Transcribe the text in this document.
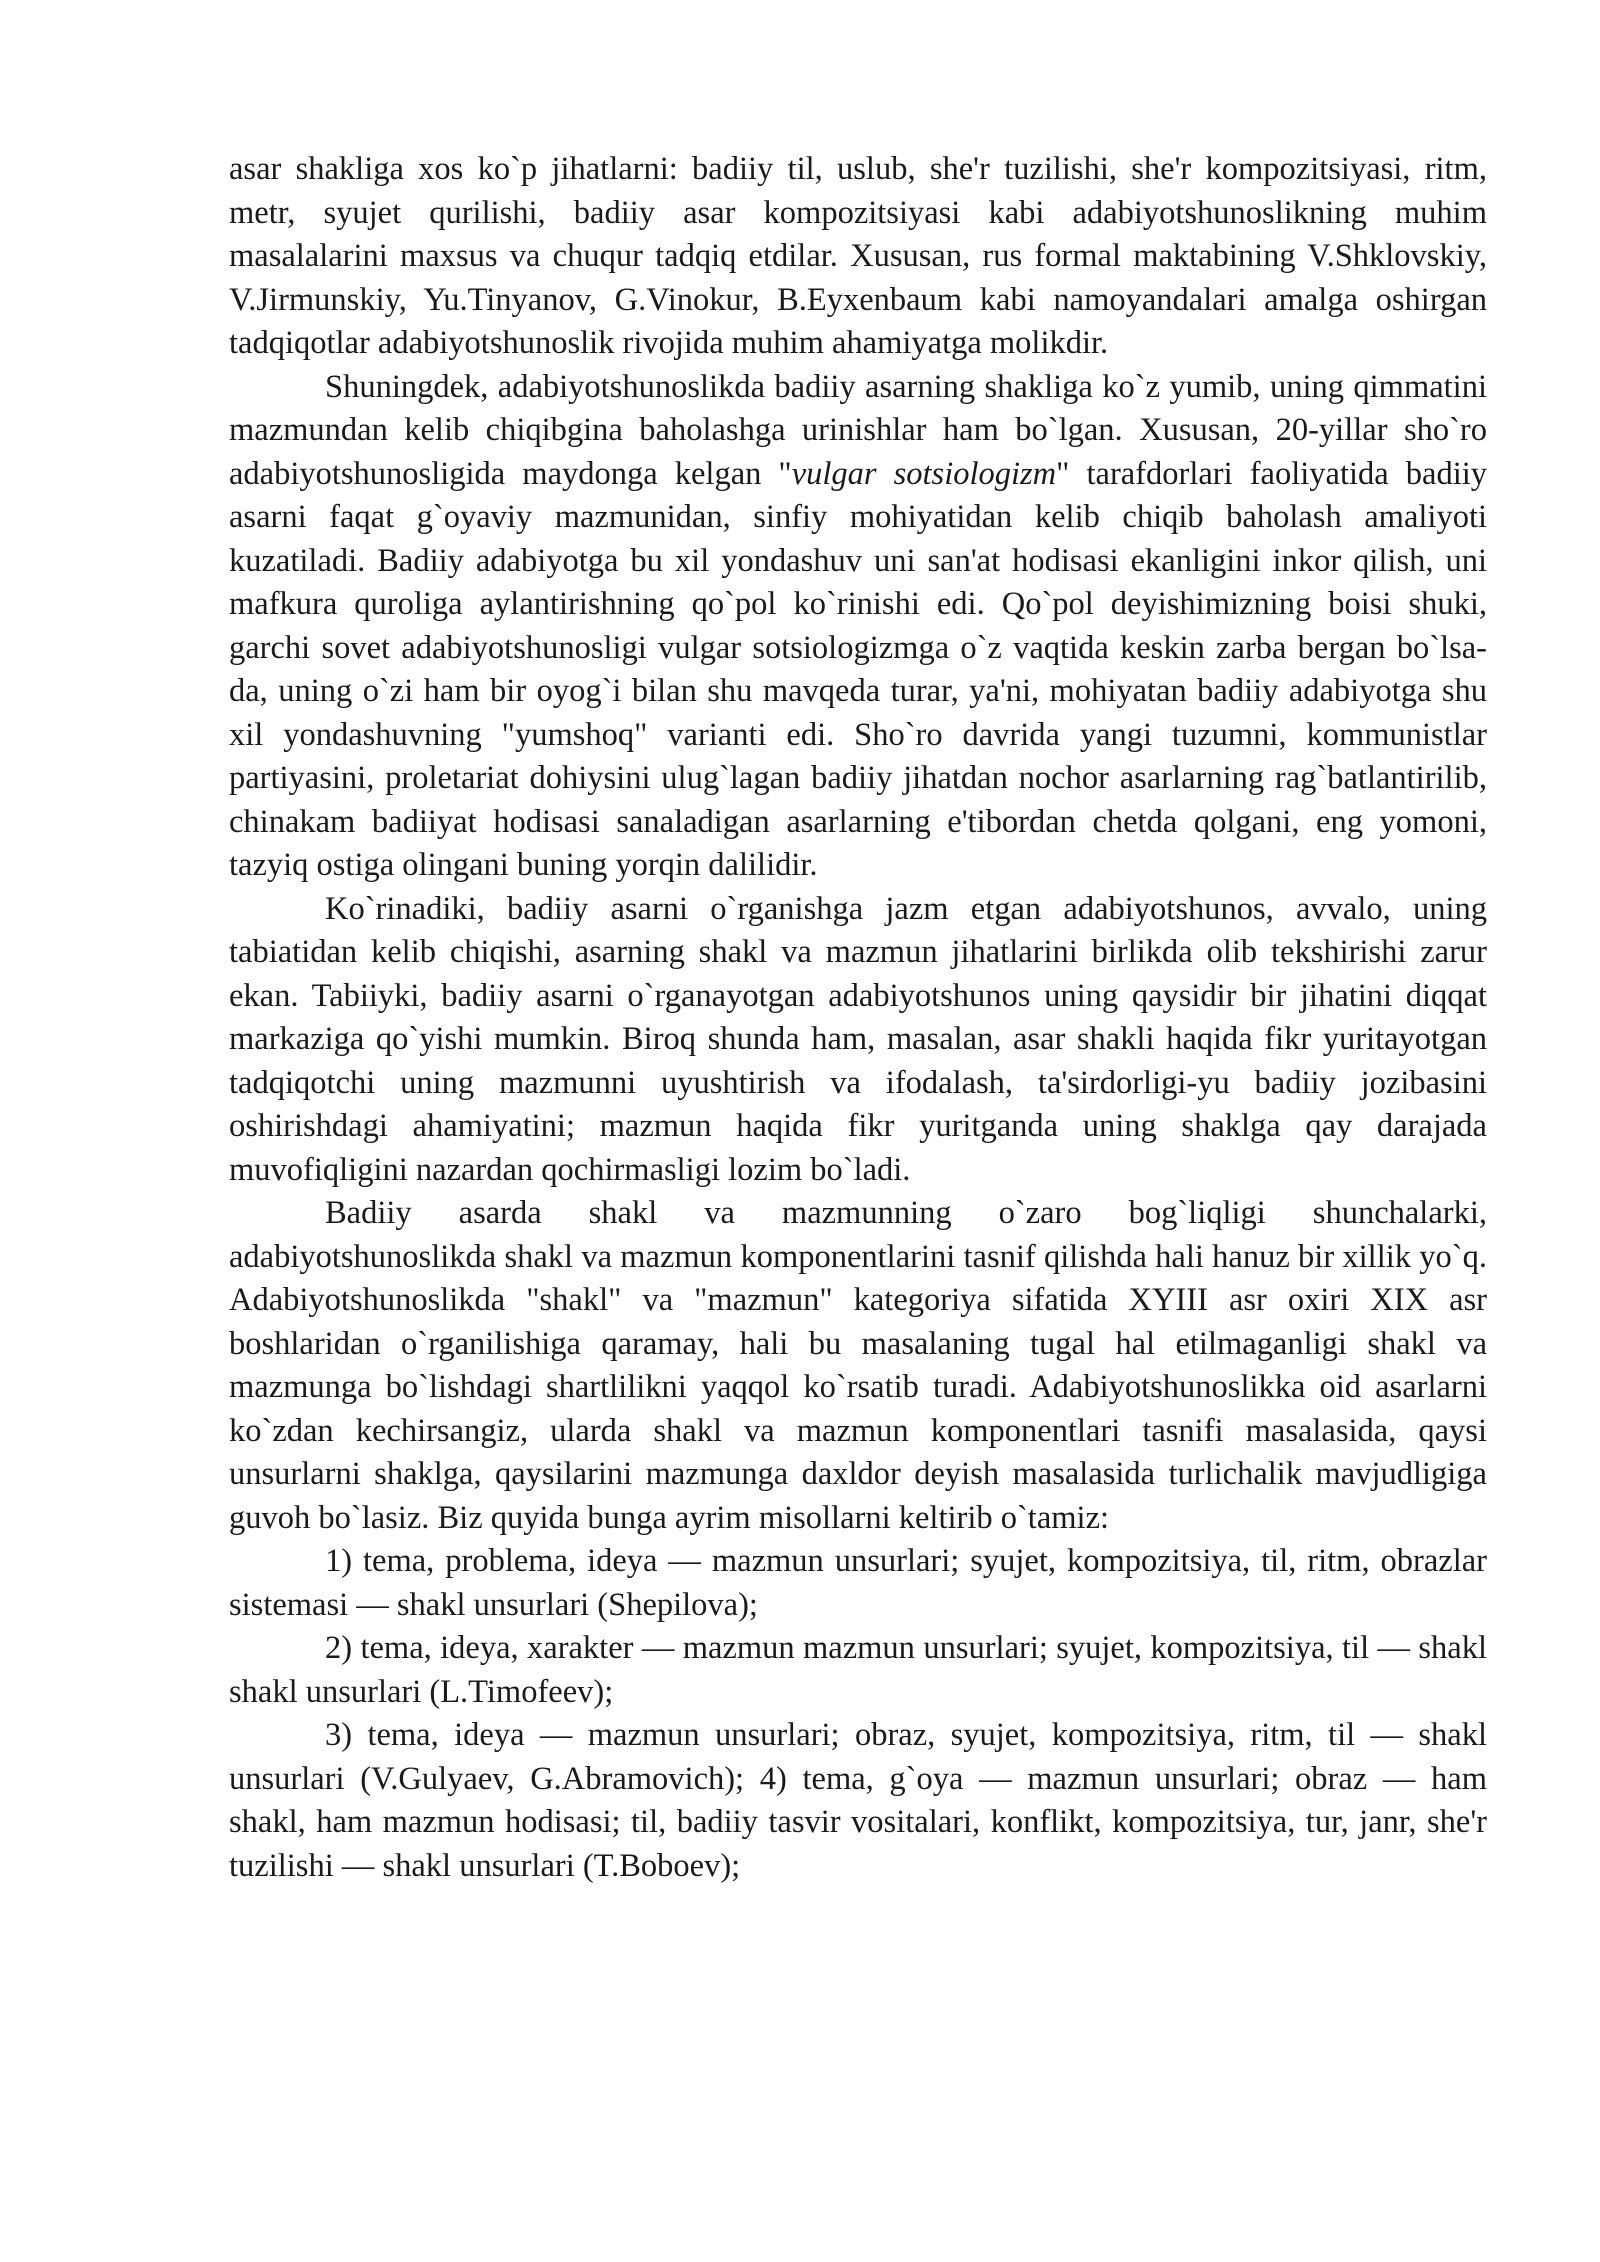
asar shakliga xos ko`p jihatlarni: badiiy til, uslub, she'r tuzilishi, she'r kompozitsiyasi, ritm, metr, syujet qurilishi, badiiy asar kompozitsiyasi kabi adabiyotshunoslikning muhim masalalarini maxsus va chuqur tadqiq etdilar. Xususan, rus formal maktabining V.Shklovskiy, V.Jirmunskiy, Yu.Tinyanov, G.Vinokur, B.Eyxenbaum kabi namoyandalari amalga oshirgan tadqiqotlar adabiyotshunoslik rivojida muhim ahamiyatga molikdir.

Shuningdek, adabiyotshunoslikda badiiy asarning shakliga ko`z yumib, uning qimmatini mazmundan kelib chiqibgina baholashga urinishlar ham bo`lgan. Xususan, 20-yillar sho`ro adabiyotshunosligida maydonga kelgan "vulgar sotsiologizm" tarafdorlari faoliyatida badiiy asarni faqat g`oyaviy mazmunidan, sinfiy mohiyatidan kelib chiqib baholash amaliyoti kuzatiladi. Badiiy adabiyotga bu xil yondashuv uni san'at hodisasi ekanligini inkor qilish, uni mafkura quroliga aylantirishning qo`pol ko`rinishi edi. Qo`pol deyishimizning boisi shuki, garchi sovet adabiyotshunosligi vulgar sotsiologizmga o`z vaqtida keskin zarba bergan bo`lsa-da, uning o`zi ham bir oyog`i bilan shu mavqeda turar, ya'ni, mohiyatan badiiy adabiyotga shu xil yondashuvning "yumshoq" varianti edi. Sho`ro davrida yangi tuzumni, kommunistlar partiyasini, proletariat dohiysini ulug`lagan badiiy jihatdan nochor asarlarning rag`batlantirilib, chinakam badiiyat hodisasi sanaladigan asarlarning e'tibordan chetda qolgani, eng yomoni, tazyiq ostiga olingani buning yorqin dalilidir.

Ko`rinadiki, badiiy asarni o`rganishga jazm etgan adabiyotshunos, avvalo, uning tabiatidan kelib chiqishi, asarning shakl va mazmun jihatlarini birlikda olib tekshirishi zarur ekan. Tabiiyki, badiiy asarni o`rganayotgan adabiyotshunos uning qaysidir bir jihatini diqqat markaziga qo`yishi mumkin. Biroq shunda ham, masalan, asar shakli haqida fikr yuritayotgan tadqiqotchi uning mazmunni uyushtirish va ifodalash, ta'sirdorligi-yu badiiy jozibasini oshirishdagi ahamiyatini; mazmun haqida fikr yuritganda uning shaklga qay darajada muvofiqligini nazardan qochirmasligi lozim bo`ladi.

Badiiy asarda shakl va mazmunning o`zaro bog`liqligi shunchalarki, adabiyotshunoslikda shakl va mazmun komponentlarini tasnif qilishda hali hanuz bir xillik yo`q. Adabiyotshunoslikda "shakl" va "mazmun" kategoriya sifatida XYIII asr oxiri XIX asr boshlaridan o`rganilishiga qaramay, hali bu masalaning tugal hal etilmaganligi shakl va mazmunga bo`lishdagi shartlilikni yaqqol ko`rsatib turadi. Adabiyotshunoslikka oid asarlarni ko`zdan kechirsangiz, ularda shakl va mazmun komponentlari tasnifi masalasida, qaysi unsurlarni shaklga, qaysilarini mazmunga daxldor deyish masalasida turlichalik mavjudligiga guvoh bo`lasiz. Biz quyida bunga ayrim misollarni keltirib o`tamiz:

1) tema, problema, ideya — mazmun unsurlari; syujet, kompozitsiya, til, ritm, obrazlar sistemasi — shakl unsurlari (Shepilova);

2) tema, ideya, xarakter — mazmun mazmun unsurlari; syujet, kompozitsiya, til — shakl shakl unsurlari (L.Timofeev);

3) tema, ideya — mazmun unsurlari; obraz, syujet, kompozitsiya, ritm, til — shakl unsurlari (V.Gulyaev, G.Abramovich); 4) tema, g`oya — mazmun unsurlari; obraz — ham shakl, ham mazmun hodisasi; til, badiiy tasvir vositalari, konflikt, kompozitsiya, tur, janr, she'r tuzilishi — shakl unsurlari (T.Boboev);
